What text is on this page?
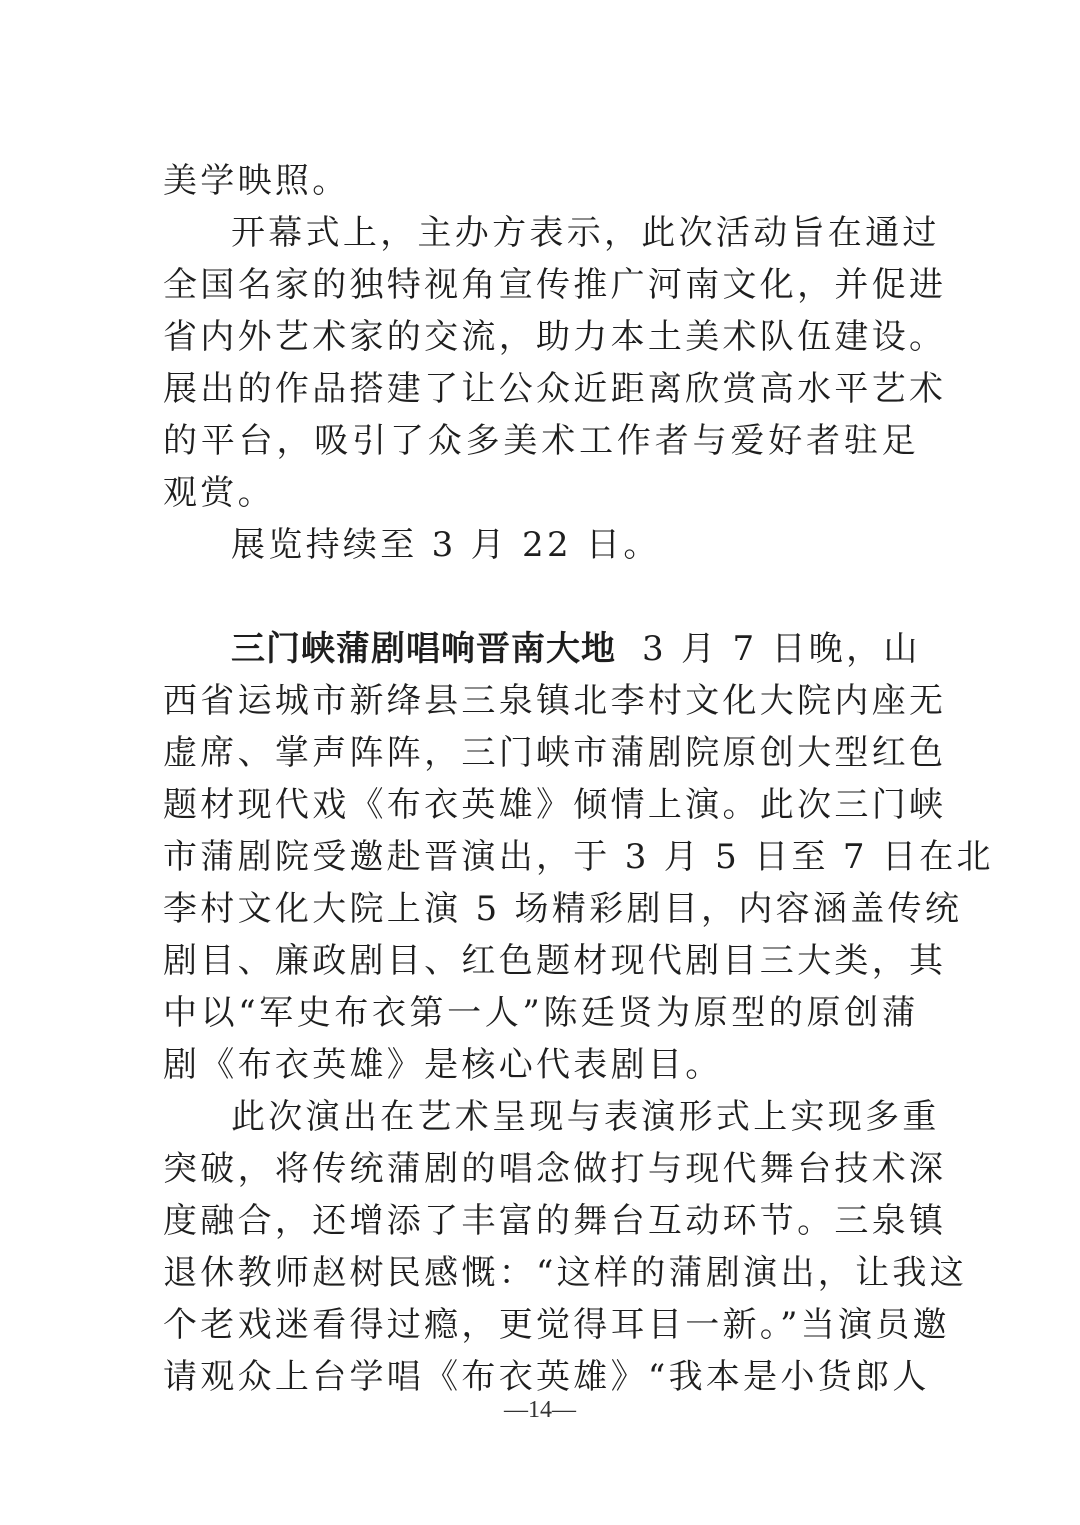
美学映照。
开幕式上，主办方表示，此次活动旨在通过
全国名家的独特视角宣传推广河南文化，并促进
省内外艺术家的交流，助力本土美术队伍建设。
展出的作品搭建了让公众近距离欣赏高水平艺术
的平台，吸引了众多美术工作者与爱好者驻足
观赏。
展览持续至 3 月 22 日。
三门峡蒲剧唱响晋南大地 3 月 7 日晚，山
西省运城市新绛县三泉镇北李村文化大院内座无
虚席、掌声阵阵，三门峡市蒲剧院原创大型红色
题材现代戏《布衣英雄》倾情上演。此次三门峡
市蒲剧院受邀赴晋演出，于 3 月 5 日至 7 日在北
李村文化大院上演 5 场精彩剧目，内容涵盖传统
剧目、廉政剧目、红色题材现代剧目三大类，其
中以“军史布衣第一人”陈廷贤为原型的原创蒲
剧《布衣英雄》是核心代表剧目。
此次演出在艺术呈现与表演形式上实现多重
突破，将传统蒲剧的唱念做打与现代舞台技术深
度融合，还增添了丰富的舞台互动环节。三泉镇
退休教师赵树民感慨：“这样的蒲剧演出，让我这
个老戏迷看得过瘾，更觉得耳目一新。”当演员邀
请观众上台学唱《布衣英雄》“我本是小货郎人
—14—
